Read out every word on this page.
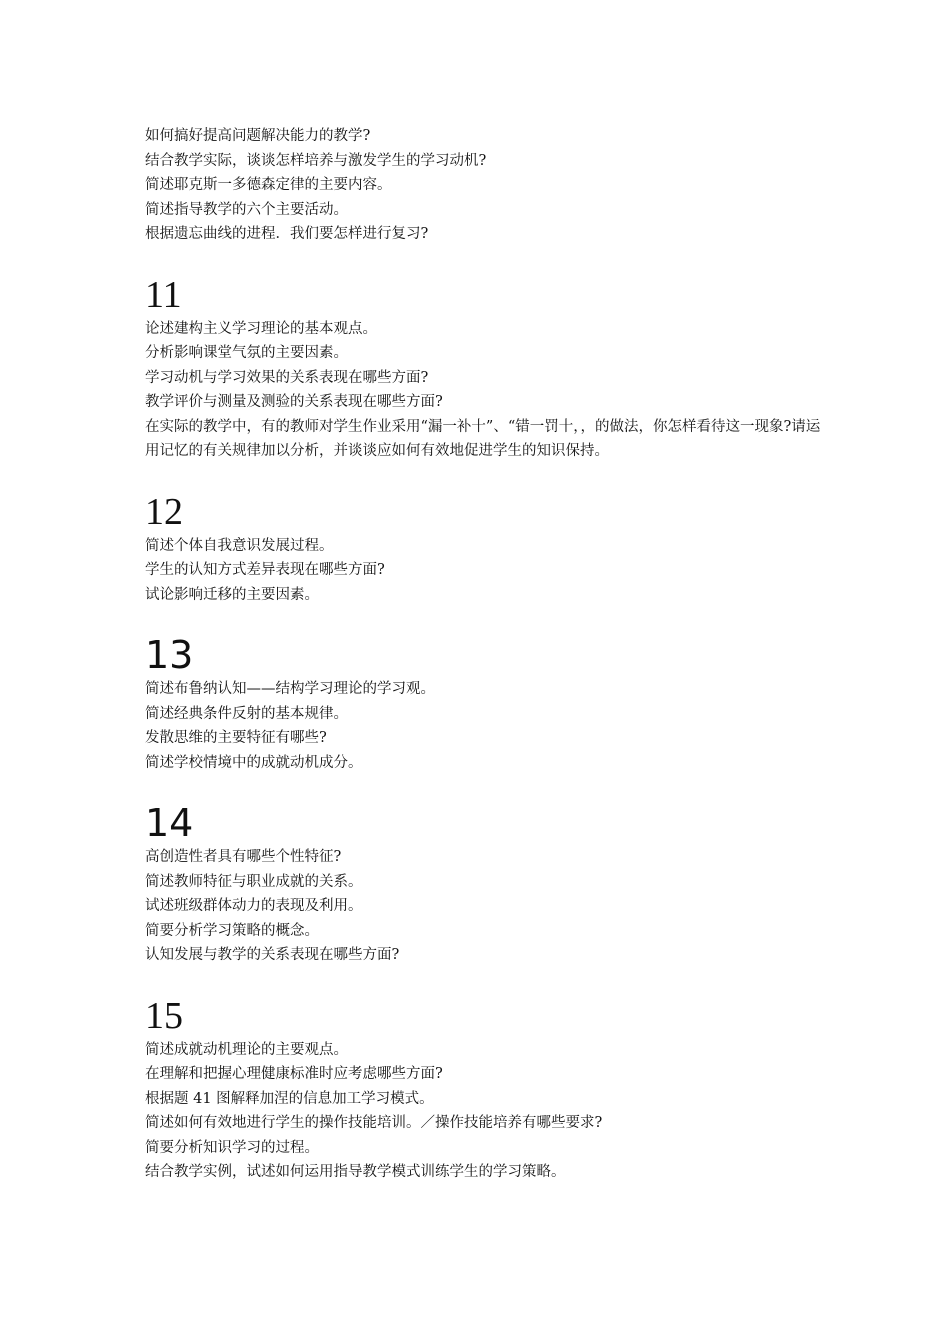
如何搞好提高问题解决能力的教学?

结合教学实际，谈谈怎样培养与激发学生的学习动机?

简述耶克斯一多德森定律的主要内容。

简述指导教学的六个主要活动。

根据遗忘曲线的进程．我们要怎样进行复习?

11

论述建构主义学习理论的基本观点。

分析影响课堂气氛的主要因素。

学习动机与学习效果的关系表现在哪些方面?

教学评价与测量及测验的关系表现在哪些方面?

在实际的教学中，有的教师对学生作业采用“漏一补十”、“错一罚十，，的做法，你怎样看待这一现象?请运用记忆的有关规律加以分析，并谈谈应如何有效地促进学生的知识保持。

12

简述个体自我意识发展过程。

学生的认知方式差异表现在哪些方面?

试论影响迁移的主要因素。

13

简述布鲁纳认知——结构学习理论的学习观。

简述经典条件反射的基本规律。

发散思维的主要特征有哪些?

简述学校情境中的成就动机成分。

14

高创造性者具有哪些个性特征?

简述教师特征与职业成就的关系。

试述班级群体动力的表现及利用。

简要分析学习策略的概念。

认知发展与教学的关系表现在哪些方面?

15

简述成就动机理论的主要观点。

在理解和把握心理健康标准时应考虑哪些方面?

根据题 41 图解释加涅的信息加工学习模式。

简述如何有效地进行学生的操作技能培训。／操作技能培养有哪些要求?

简要分析知识学习的过程。

结合教学实例，试述如何运用指导教学模式训练学生的学习策略。
